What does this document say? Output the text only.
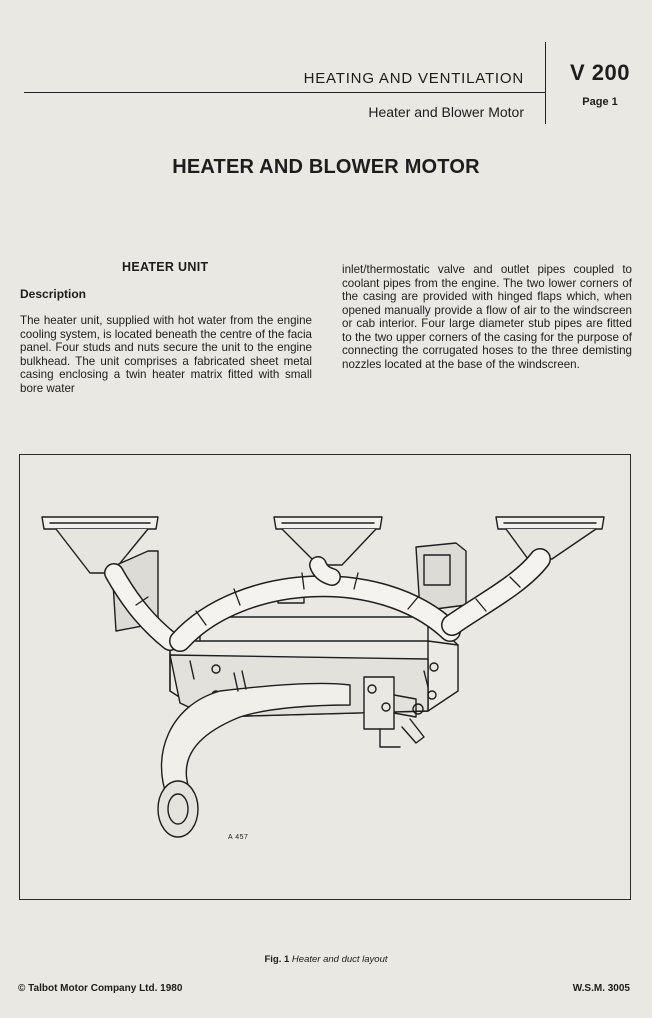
HEATING AND VENTILATION
Heater and Blower Motor
V 200
Page 1
HEATER AND BLOWER MOTOR
HEATER UNIT
Description
The heater unit, supplied with hot water from the engine cooling system, is located beneath the centre of the facia panel. Four studs and nuts secure the unit to the engine bulkhead. The unit comprises a fabricated sheet metal casing enclosing a twin heater matrix fitted with small bore water
inlet/thermostatic valve and outlet pipes coupled to coolant pipes from the engine. The two lower corners of the casing are provided with hinged flaps which, when opened manually provide a flow of air to the windscreen or cab interior. Four large diameter stub pipes are fitted to the two upper corners of the casing for the purpose of connecting the corrugated hoses to the three demisting nozzles located at the base of the windscreen.
A 457
Fig. 1 Heater and duct layout
© Talbot Motor Company Ltd. 1980	W.S.M. 3005
